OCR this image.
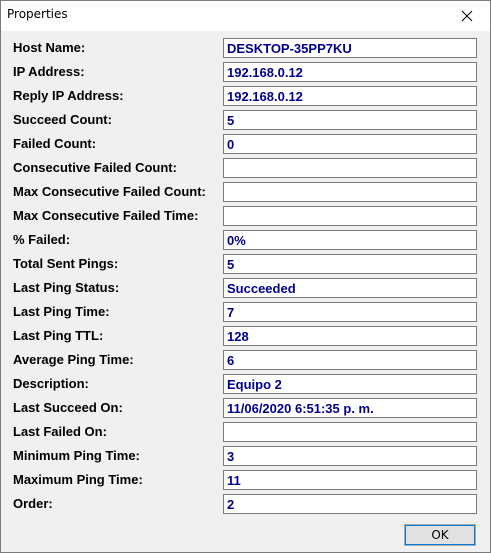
Properties
Host Name:	DESKTOP-35PP7KU
IP Address:	192.168.0.12
Reply IP Address:	192.168.0.12
Succeed Count:	5
Failed Count:	0
Consecutive Failed Count:
Max Consecutive Failed Count:
Max Consecutive Failed Time:
% Failed:	0%
Total Sent Pings:	5
Last Ping Status:	Succeeded
Last Ping Time:	7
Last Ping TTL:	128
Average Ping Time:	6
Description:	Equipo 2
Last Succeed On:	11/06/2020 6:51:35 p. m.
Last Failed On:
Minimum Ping Time:	3
Maximum Ping Time:	11
Order:	2
OK
